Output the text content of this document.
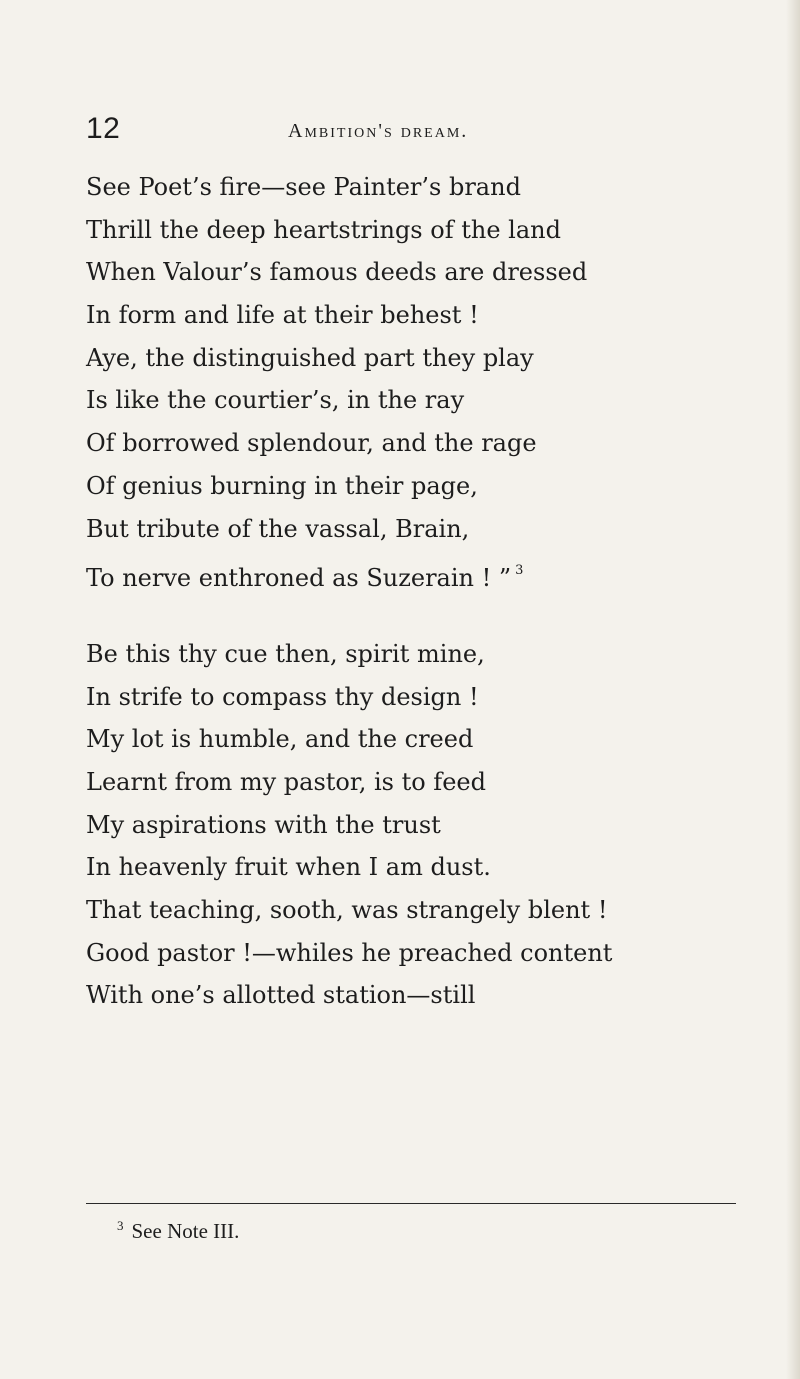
12	ambition's dream.
See Poet’s fire—see Painter’s brand
Thrill the deep heartstrings of the land
When Valour’s famous deeds are dressed
In form and life at their behest !
Aye, the distinguished part they play
Is like the courtier’s, in the ray
Of borrowed splendour, and the rage
Of genius burning in their page,
But tribute of the vassal, Brain,
To nerve enthroned as Suzerain ! ” $^3$
Be this thy cue then, spirit mine,
In strife to compass thy design !
My lot is humble, and the creed
Learnt from my pastor, is to feed
My aspirations with the trust
In heavenly fruit when I am dust.
That teaching, sooth, was strangely blent !
Good pastor !—whiles he preached content
With one’s allotted station—still
$^3$ See Note III.
